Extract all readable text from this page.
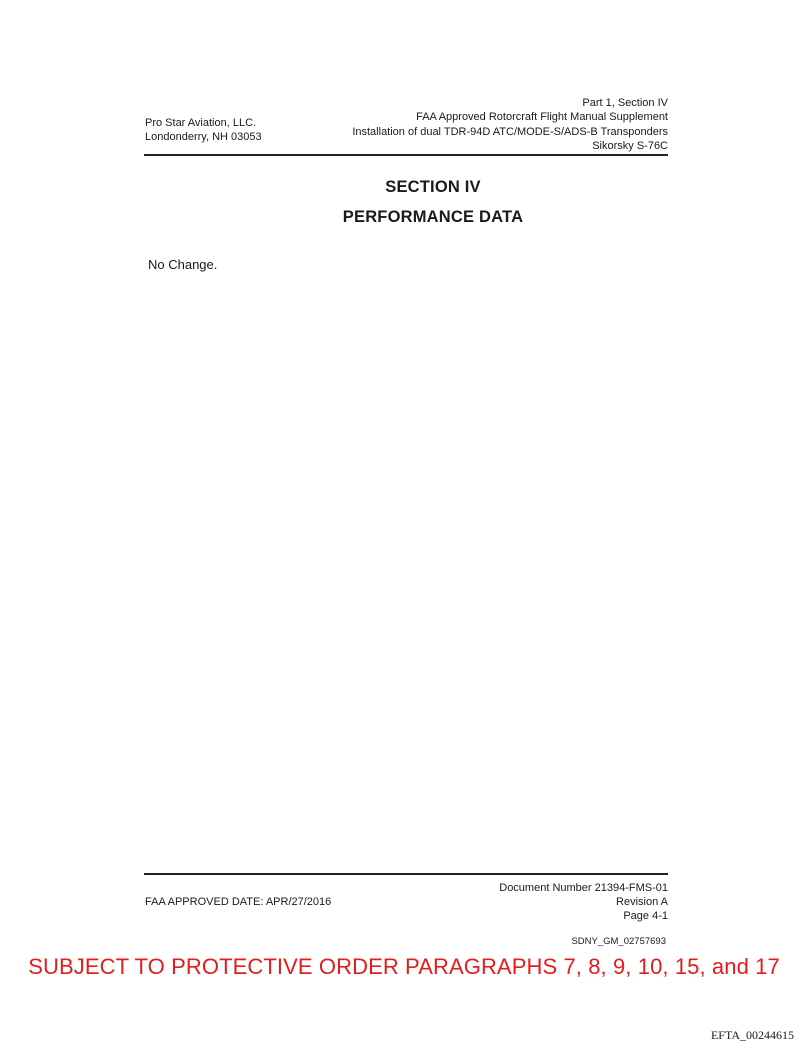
Pro Star Aviation, LLC.
Londonderry, NH 03053
Part 1, Section IV
FAA Approved Rotorcraft Flight Manual Supplement
Installation of dual TDR-94D ATC/MODE-S/ADS-B Transponders
Sikorsky S-76C
SECTION IV
PERFORMANCE DATA
No Change.
FAA APPROVED DATE: APR/27/2016
Document Number 21394-FMS-01
Revision A
Page 4-1
SDNY_GM_02757693
SUBJECT TO PROTECTIVE ORDER PARAGRAPHS 7, 8, 9, 10, 15, and 17
EFTA_00244615
